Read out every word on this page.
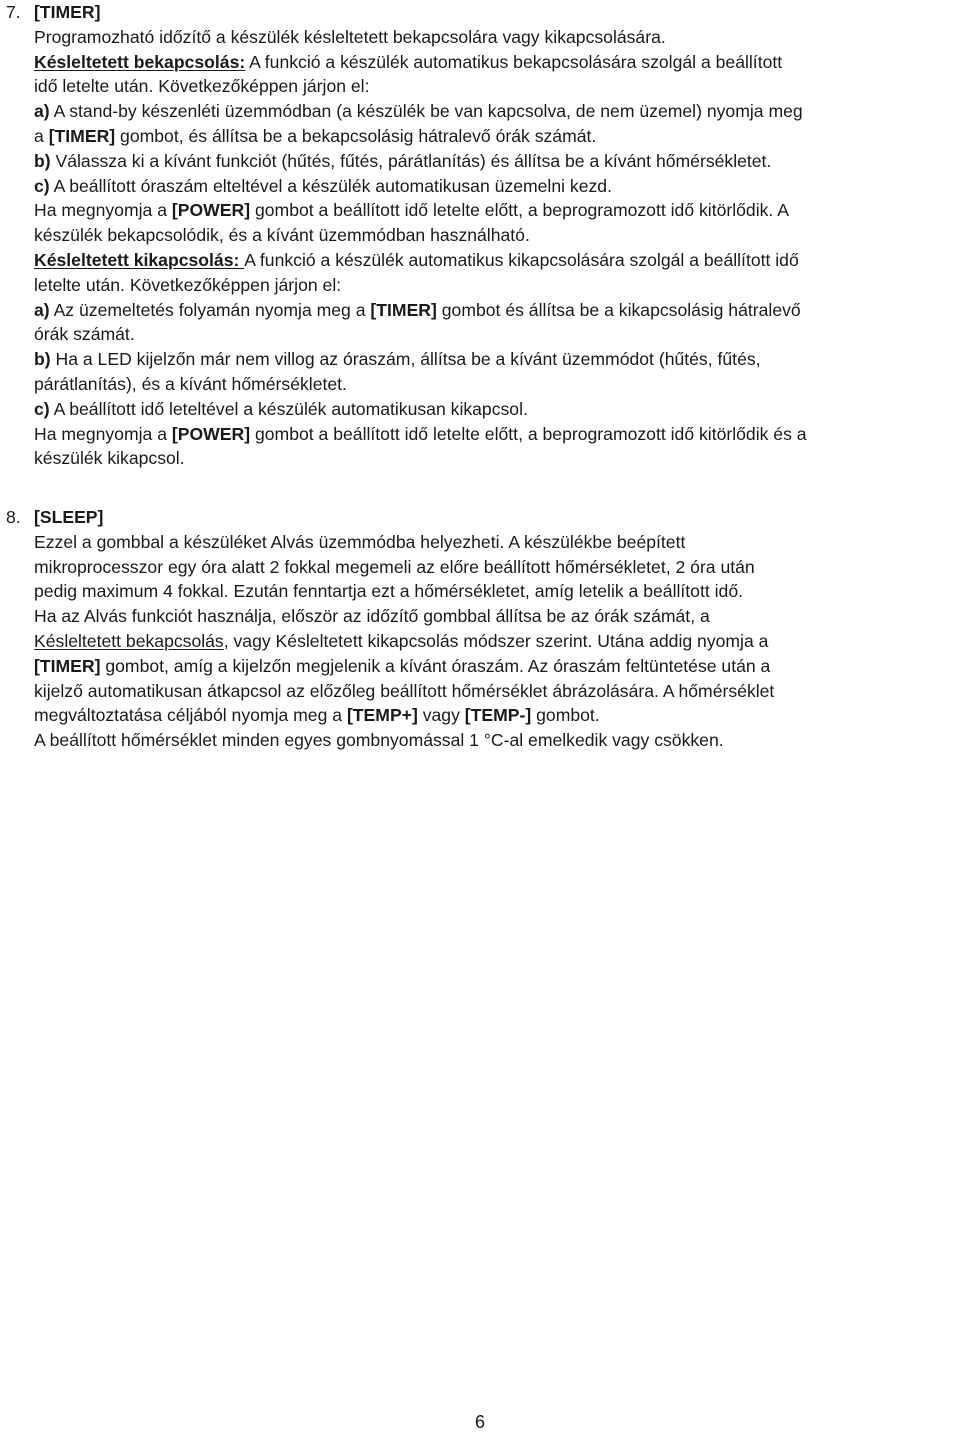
7. [TIMER]
Programozható időzítő a készülék késleltetett bekapcsolára vagy kikapcsolására.
Késleltetett bekapcsolás: A funkció a készülék automatikus bekapcsolására szolgál a beállított
idő letelte után. Következőképpen járjon el:
a) A stand-by készenléti üzemmódban (a készülék be van kapcsolva, de nem üzemel) nyomja meg
a [TIMER] gombot, és állítsa be a bekapcsolásig hátralevő órák számát.
b) Válassza ki a kívánt funkciót (hűtés, fűtés, párátlanítás) és állítsa be a kívánt hőmérsékletet.
c) A beállított óraszám elteltével a készülék automatikusan üzemelni kezd.
Ha megnyomja a [POWER] gombot a beállított idő letelte előtt, a beprogramozott idő kitörlődik. A
készülék bekapcsolódik, és a kívánt üzemmódban használható.
Késleltetett kikapcsolás: A funkció a készülék automatikus kikapcsolására szolgál a beállított idő
letelte után. Következőképpen járjon el:
a) Az üzemeltetés folyamán nyomja meg a [TIMER] gombot és állítsa be a kikapcsolásig hátralevő
órák számát.
b) Ha a LED kijelzőn már nem villog az óraszám, állítsa be a kívánt üzemmódot (hűtés, fűtés,
párátlanítás), és a kívánt hőmérsékletet.
c) A beállított idő leteltével a készülék automatikusan kikapcsol.
Ha megnyomja a [POWER] gombot a beállított idő letelte előtt, a beprogramozott idő kitörlődik és a
készülék kikapcsol.
8. [SLEEP]
Ezzel a gombbal a készüléket Alvás üzemmódba helyezheti. A készülékbe beépített
mikroprocesszor egy óra alatt 2 fokkal megemeli az előre beállított hőmérsékletet, 2 óra után
pedig maximum 4 fokkal. Ezután fenntartja ezt a hőmérsékletet, amíg letelik a beállított idő.
Ha az Alvás funkciót használja, először az időzítő gombbal állítsa be az órák számát, a
Késleltetett bekapcsolás, vagy Késleltetett kikapcsolás módszer szerint. Utána addig nyomja a
[TIMER] gombot, amíg a kijelzőn megjelenik a kívánt óraszám. Az óraszám feltüntetése után a
kijelző automatikusan átkapcsol az előzőleg beállított hőmérséklet ábrázolására. A hőmérséklet
megváltoztatása céljából nyomja meg a [TEMP+] vagy [TEMP-] gombot.
A beállított hőmérséklet minden egyes gombnyomással 1 °C-al emelkedik vagy csökken.
6
